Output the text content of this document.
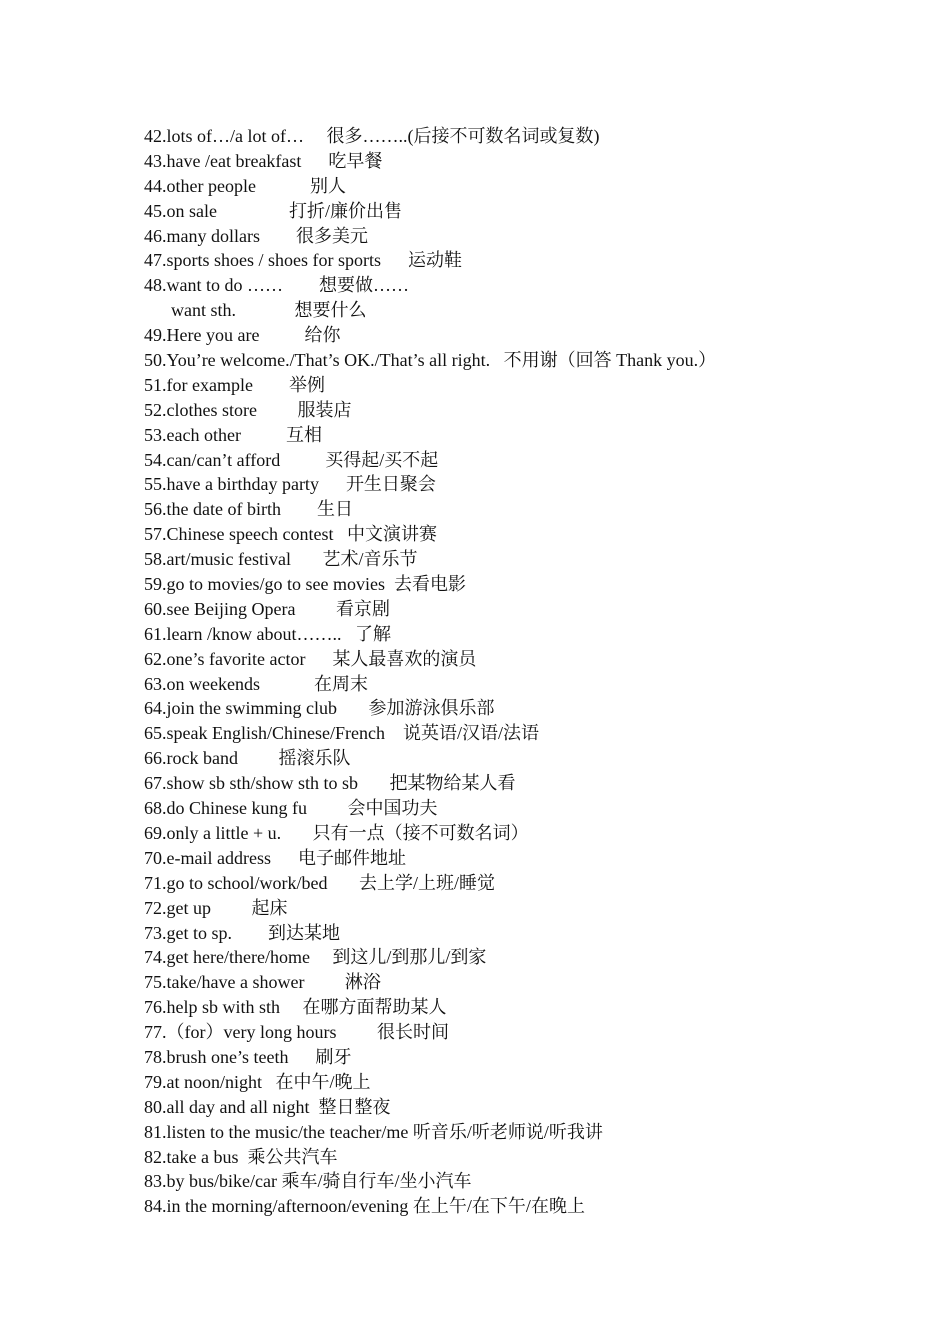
42.lots of…/a lot of…     很多……..(后接不可数名词或复数)
43.have /eat breakfast      吃早餐
44.other people            别人
45.on sale                打折/廉价出售
46.many dollars        很多美元
47.sports shoes / shoes for sports      运动鞋
48.want to do ……        想要做……
want sth.             想要什么
49.Here you are          给你
50.You’re welcome./That’s OK./That’s all right.   不用谢（回答 Thank you.）
51.for example        举例
52.clothes store         服装店
53.each other          互相
54.can/can’t afford          买得起/买不起
55.have a birthday party      开生日聚会
56.the date of birth        生日
57.Chinese speech contest   中文演讲赛
58.art/music festival       艺术/音乐节
59.go to movies/go to see movies  去看电影
60.see Beijing Opera         看京剧
61.learn /know about……..   了解
62.one’s favorite actor      某人最喜欢的演员
63.on weekends            在周末
64.join the swimming club       参加游泳俱乐部
65.speak English/Chinese/French    说英语/汉语/法语
66.rock band         摇滚乐队
67.show sb sth/show sth to sb       把某物给某人看
68.do Chinese kung fu         会中国功夫
69.only a little + u.       只有一点（接不可数名词）
70.e-mail address      电子邮件地址
71.go to school/work/bed       去上学/上班/睡觉
72.get up         起床
73.get to sp.        到达某地
74.get here/there/home     到这儿/到那儿/到家
75.take/have a shower         淋浴
76.help sb with sth     在哪方面帮助某人
77.（for）very long hours         很长时间
78.brush one’s teeth      刷牙
79.at noon/night   在中午/晚上
80.all day and all night  整日整夜
81.listen to the music/the teacher/me 听音乐/听老师说/听我讲
82.take a bus  乘公共汽车
83.by bus/bike/car 乘车/骑自行车/坐小汽车
84.in the morning/afternoon/evening 在上午/在下午/在晚上
